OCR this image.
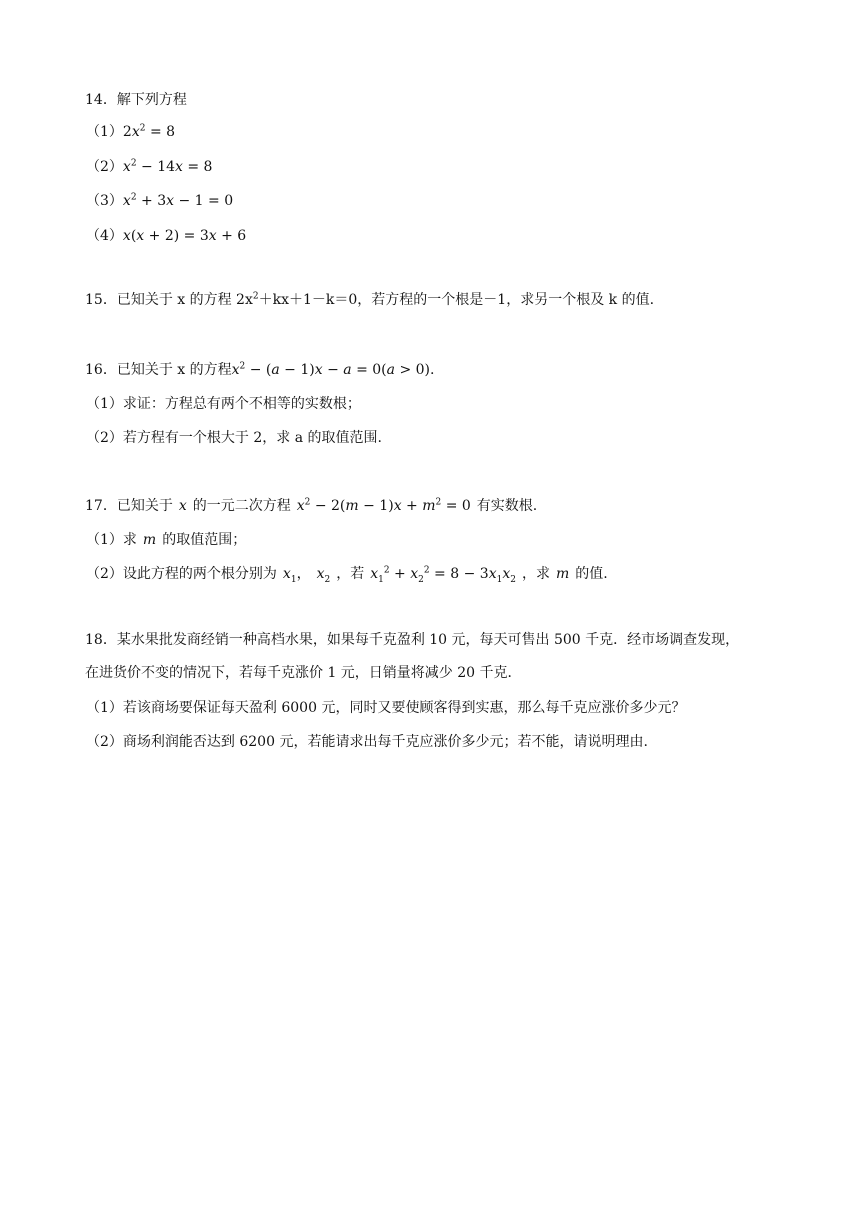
14．解下列方程
$(1)2x^2 = 8$
$(2)x^2 - 14x = 8$
$(3)x^2 + 3x - 1 = 0$
（4）x(x + 2) = 3x + 6
15．已知关于 x 的方程 $2x^2+kx+1-k=0$，若方程的一个根是－1，求另一个根及 k 的值.
16．已知关于 x 的方程$x^2 - (a - 1)x - a = 0(a > 0)$.
（1）求证：方程总有两个不相等的实数根；
（2）若方程有一个根大于 2，求 a 的取值范围.
17．已知关于 x 的一元二次方程 $x^2 - 2(m - 1)x + m^2 = 0$ 有实数根.
（1）求 m 的取值范围；
（2）设此方程的两个根分别为 $x_1$， $x_2$ ，若 $x_1^2 + x_2^2 = 8 - 3x_1x_2$ ，求 m 的值.
18．某水果批发商经销一种高档水果，如果每千克盈利 10 元，每天可售出 500 千克．经市场调查发现，
在进货价不变的情况下，若每千克涨价 1 元，日销量将减少 20 千克．
（1）若该商场要保证每天盈利 6000 元，同时又要使顾客得到实惠，那么每千克应涨价多少元？
（2）商场利润能否达到 6200 元，若能请求出每千克应涨价多少元；若不能，请说明理由.
